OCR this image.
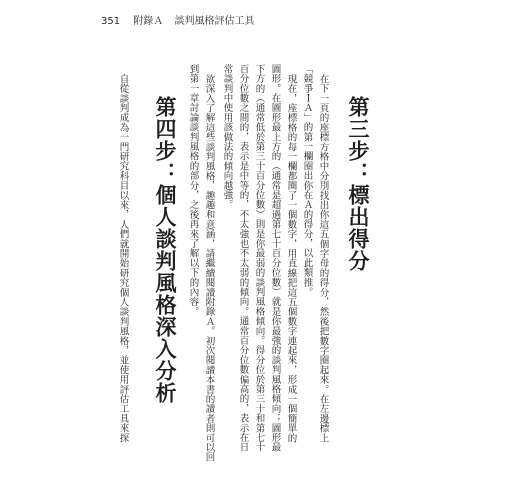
351 附錄Ａ 談判風格評估工具
第三步：標出得分
在下一頁的座標方格中分別找出你這五個字母的得分，然後把數字圈起來。在左邊標上
「競爭ＩＡ」的第一欄圈出你在Ａ的得分，以此類推。
現在，座標格的每一欄都圈了一個數字，用直線把這五個數字連起來，形成一個簡單的
圖形。在圖形最上方的（通常是超過第七十百分位數）就是你最強的談判風格傾向；圖形最
下方的（通常低於第三十百分位數）則是你最弱的談判風格傾向。得分位於第三十和第七十
百分位數之間的，表示是中等的，不太強也不太弱的傾向。通常百分位數偏高的，表示在日
常談判中使用該做法的傾向越強。
欲深入了解這些談判風格，趣趣和意涵，請繼續閱讀附錄Ａ。初次閱讀本書的讀者則可以回
到第一章討論談判風格的部分，之後再來了解以下的內容。
第四步：個人談判風格深入分析
自從談判成為一門研究科目以來，人們就開始研究個人談判風格，並使用評估工具來探
